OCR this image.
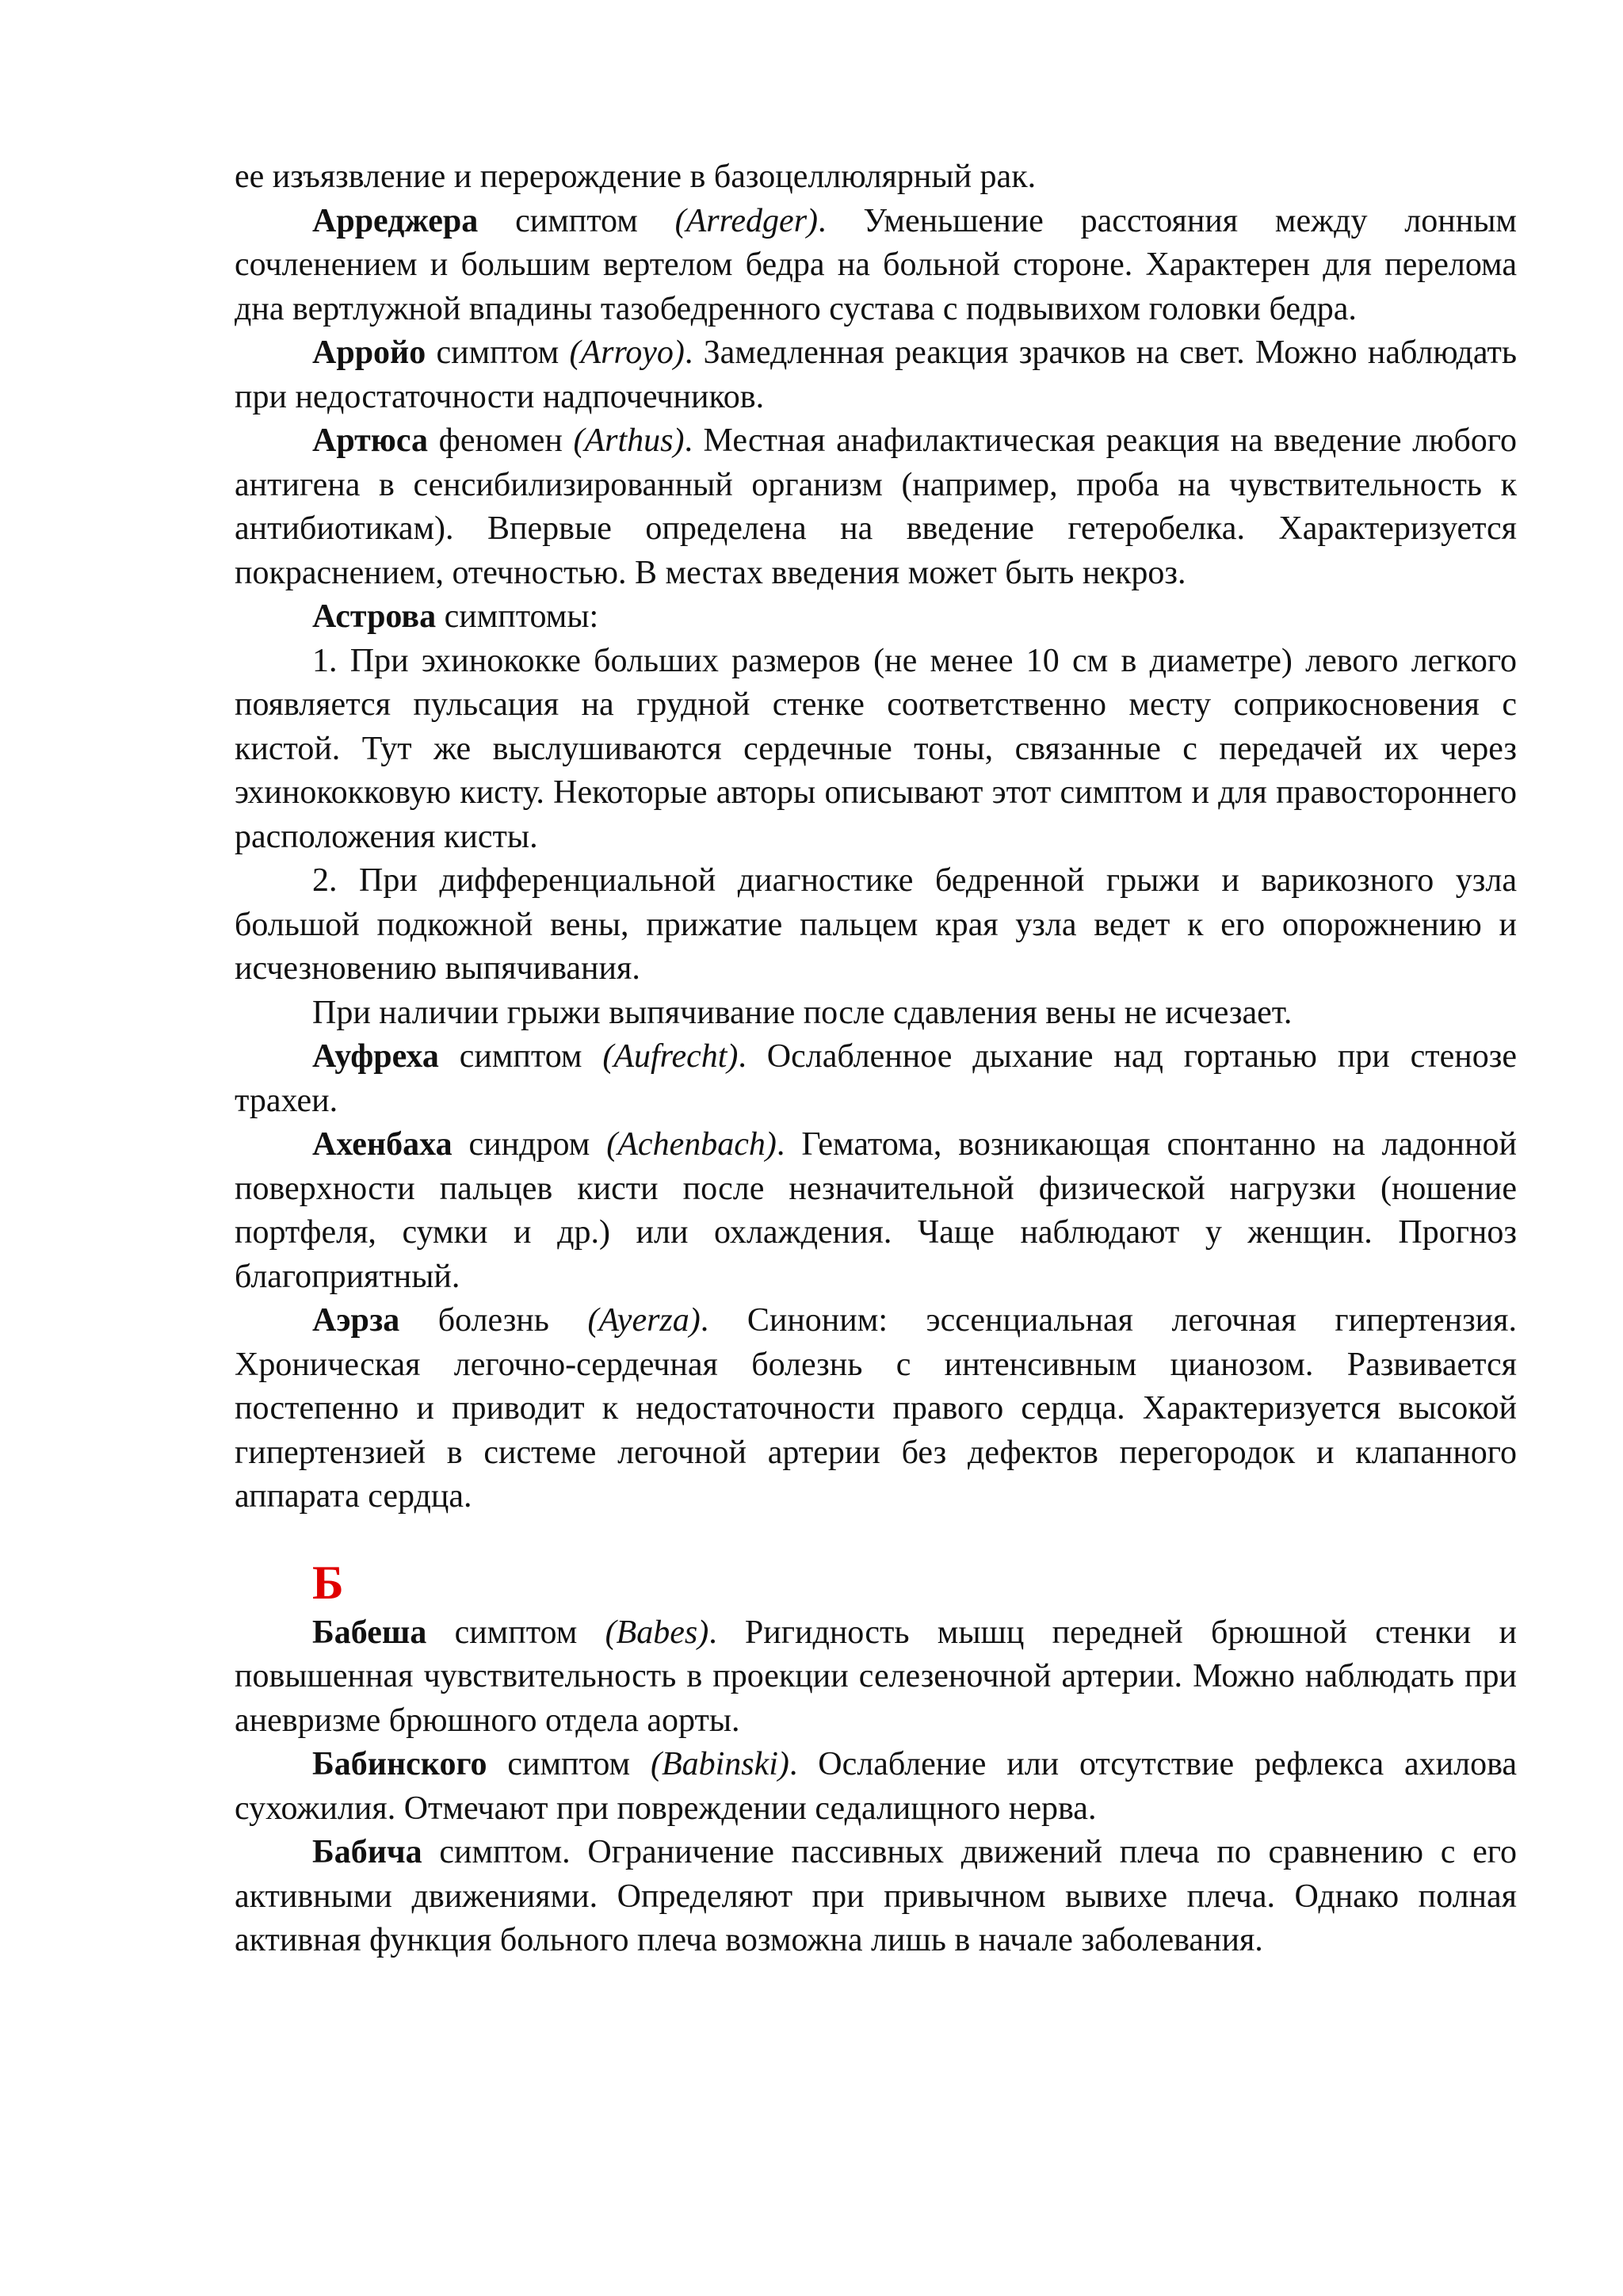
ее изъязвление и перерождение в базоцеллюлярный рак.

Арреджера симптом (Arredger). Уменьшение расстояния между лонным сочленением и большим вертелом бедра на больной стороне. Характерен для перелома дна вертлужной впадины тазобедренного сустава с подвывихом головки бедра.

Арройо симптом (Arroyo). Замедленная реакция зрачков на свет. Можно наблюдать при недостаточности надпочечников.

Артюса феномен (Arthus). Местная анафилактическая реакция на введение любого антигена в сенсибилизированный организм (например, проба на чувствительность к антибиотикам). Впервые определена на введение гетеробелка. Характеризуется покраснением, отечностью. В местах введения может быть некроз.

Астрова симптомы:

1. При эхинококке больших размеров (не менее 10 см в диаметре) левого легкого появляется пульсация на грудной стенке соответственно месту соприкосновения с кистой. Тут же выслушиваются сердечные тоны, связанные с передачей их через эхинококковую кисту. Некоторые авторы описывают этот симптом и для правостороннего расположения кисты.

2. При дифференциальной диагностике бедренной грыжи и варикозного узла большой подкожной вены, прижатие пальцем края узла ведет к его опорожнению и исчезновению выпячивания.

При наличии грыжи выпячивание после сдавления вены не исчезает.

Ауфреха симптом (Aufrecht). Ослабленное дыхание над гортанью при стенозе трахеи.

Ахенбаха синдром (Achenbach). Гематома, возникающая спонтанно на ладонной поверхности пальцев кисти после незначительной физической нагрузки (ношение портфеля, сумки и др.) или охлаждения. Чаще наблюдают у женщин. Прогноз благоприятный.

Аэрза болезнь (Ayerza). Синоним: эссенциальная легочная гипертензия. Хроническая легочно-сердечная болезнь с интенсивным цианозом. Развивается постепенно и приводит к недостаточности правого сердца. Характеризуется высокой гипертензией в системе легочной артерии без дефектов перегородок и клапанного аппарата сердца.

Б

Бабеша симптом (Babes). Ригидность мышц передней брюшной стенки и повышенная чувствительность в проекции селезеночной артерии. Можно наблюдать при аневризме брюшного отдела аорты.

Бабинского симптом (Babinski). Ослабление или отсутствие рефлекса ахилова сухожилия. Отмечают при повреждении седалищного нерва.

Бабича симптом. Ограничение пассивных движений плеча по сравнению с его активными движениями. Определяют при привычном вывихе плеча. Однако полная активная функция больного плеча возможна лишь в начале заболевания.
